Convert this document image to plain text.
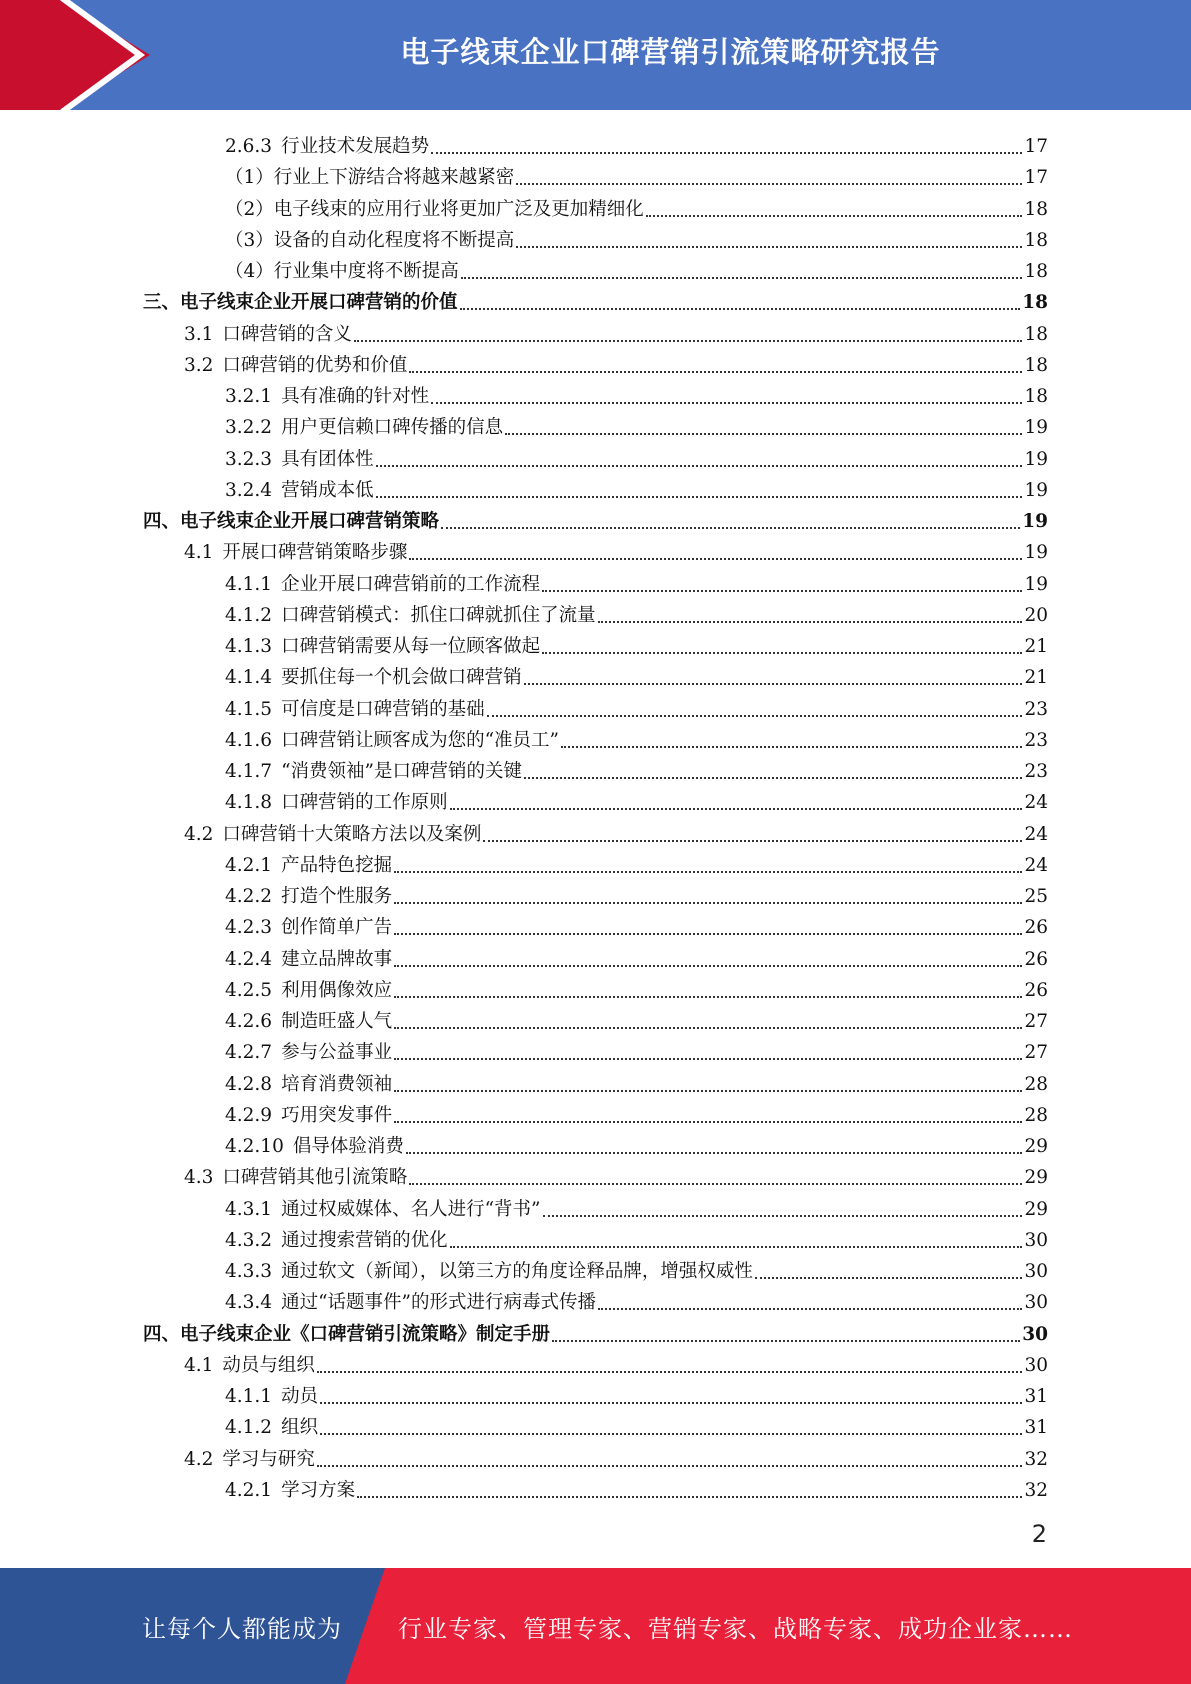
电子线束企业口碑营销引流策略研究报告
2.6.3 行业技术发展趋势	17
（1） 行业上下游结合将越来越紧密	17
（2） 电子线束的应用行业将更加广泛及更加精细化	18
（3） 设备的自动化程度将不断提高	18
（4） 行业集中度将不断提高	18
三、 电子线束企业开展口碑营销的价值	18
3.1 口碑营销的含义	18
3.2 口碑营销的优势和价值	18
3.2.1 具有准确的针对性	18
3.2.2 用户更信赖口碑传播的信息	19
3.2.3 具有团体性	19
3.2.4 营销成本低	19
四、 电子线束企业开展口碑营销策略	19
4.1 开展口碑营销策略步骤	19
4.1.1 企业开展口碑营销前的工作流程	19
4.1.2 口碑营销模式：抓住口碑就抓住了流量	20
4.1.3 口碑营销需要从每一位顾客做起	21
4.1.4 要抓住每一个机会做口碑营销	21
4.1.5 可信度是口碑营销的基础	23
4.1.6 口碑营销让顾客成为您的“准员工”	23
4.1.7 “消费领袖”是口碑营销的关键	23
4.1.8 口碑营销的工作原则	24
4.2 口碑营销十大策略方法以及案例	24
4.2.1 产品特色挖掘	24
4.2.2 打造个性服务	25
4.2.3 创作简单广告	26
4.2.4 建立品牌故事	26
4.2.5 利用偶像效应	26
4.2.6 制造旺盛人气	27
4.2.7 参与公益事业	27
4.2.8 培育消费领袖	28
4.2.9 巧用突发事件	28
4.2.10 倡导体验消费	29
4.3 口碑营销其他引流策略	29
4.3.1 通过权威媒体、名人进行“背书”	29
4.3.2 通过搜索营销的优化	30
4.3.3 通过软文（新闻），以第三方的角度诠释品牌，增强权威性	30
4.3.4 通过“话题事件”的形式进行病毒式传播	30
四、 电子线束企业《口碑营销引流策略》制定手册	30
4.1 动员与组织	30
4.1.1 动员	31
4.1.2 组织	31
4.2 学习与研究	32
4.2.1 学习方案	32
2
让每个人都能成为 行业专家、管理专家、营销专家、战略专家、成功企业家……
